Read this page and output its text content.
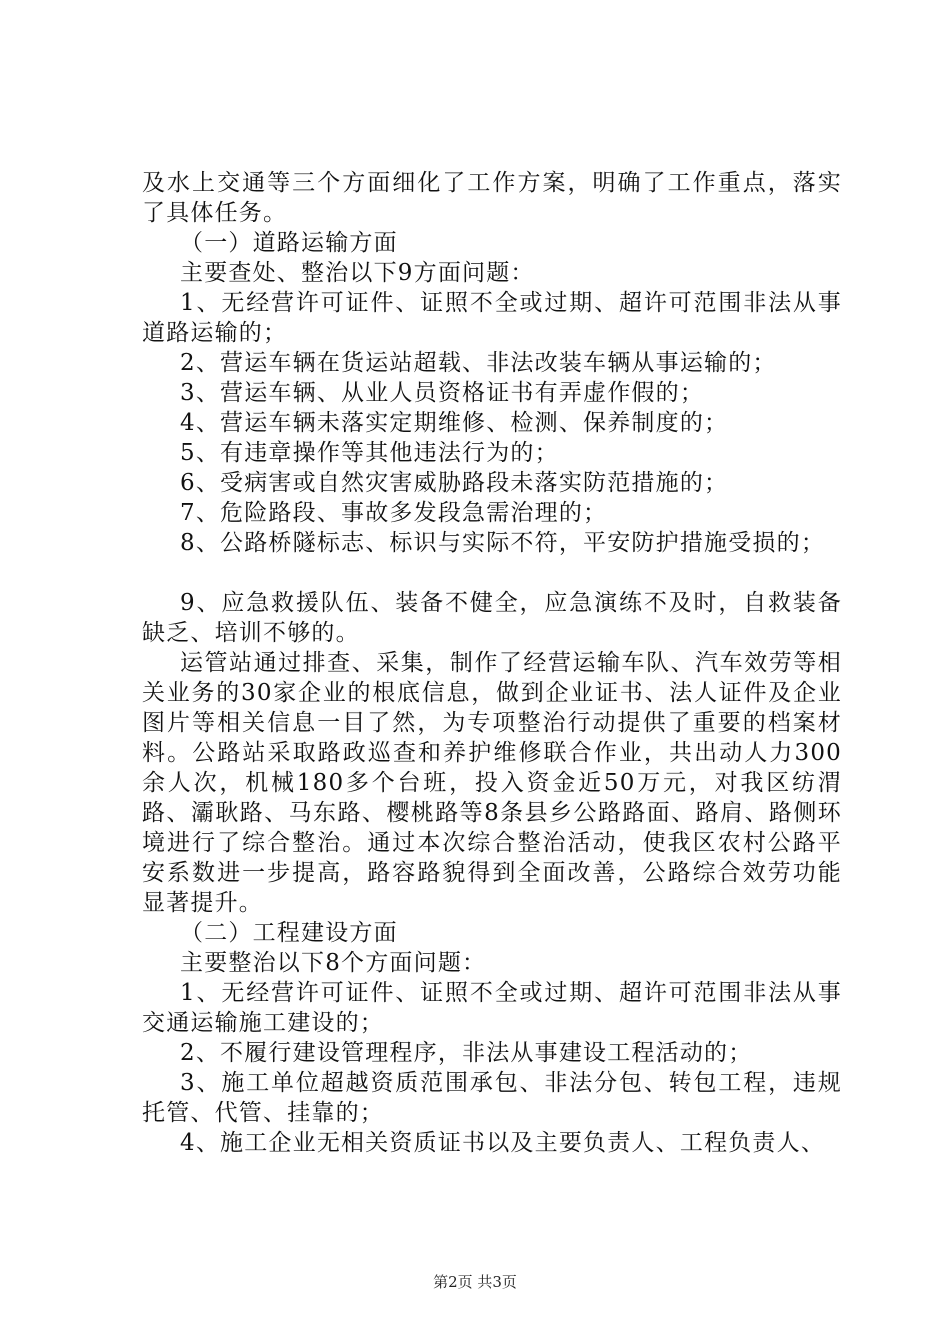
及水上交通等三个方面细化了工作方案，明确了工作重点，落实了具体任务。

（一）道路运输方面

主要查处、整治以下9方面问题：

1、无经营许可证件、证照不全或过期、超许可范围非法从事道路运输的；

2、营运车辆在货运站超载、非法改装车辆从事运输的；

3、营运车辆、从业人员资格证书有弄虚作假的；

4、营运车辆未落实定期维修、检测、保养制度的；

5、有违章操作等其他违法行为的；

6、受病害或自然灾害威胁路段未落实防范措施的；

7、危险路段、事故多发段急需治理的；

8、公路桥隧标志、标识与实际不符，平安防护措施受损的；

9、应急救援队伍、装备不健全，应急演练不及时，自救装备缺乏、培训不够的。

运管站通过排查、采集，制作了经营运输车队、汽车效劳等相关业务的30家企业的根底信息，做到企业证书、法人证件及企业图片等相关信息一目了然，为专项整治行动提供了重要的档案材料。公路站采取路政巡查和养护维修联合作业，共出动人力300余人次，机械180多个台班，投入资金近50万元，对我区纺渭路、灞耿路、马东路、樱桃路等8条县乡公路路面、路肩、路侧环境进行了综合整治。通过本次综合整治活动，使我区农村公路平安系数进一步提高，路容路貌得到全面改善，公路综合效劳功能显著提升。

（二）工程建设方面

主要整治以下8个方面问题：

1、无经营许可证件、证照不全或过期、超许可范围非法从事交通运输施工建设的；

2、不履行建设管理程序，非法从事建设工程活动的；

3、施工单位超越资质范围承包、非法分包、转包工程，违规托管、代管、挂靠的；

4、施工企业无相关资质证书以及主要负责人、工程负责人、

第2页 共3页
